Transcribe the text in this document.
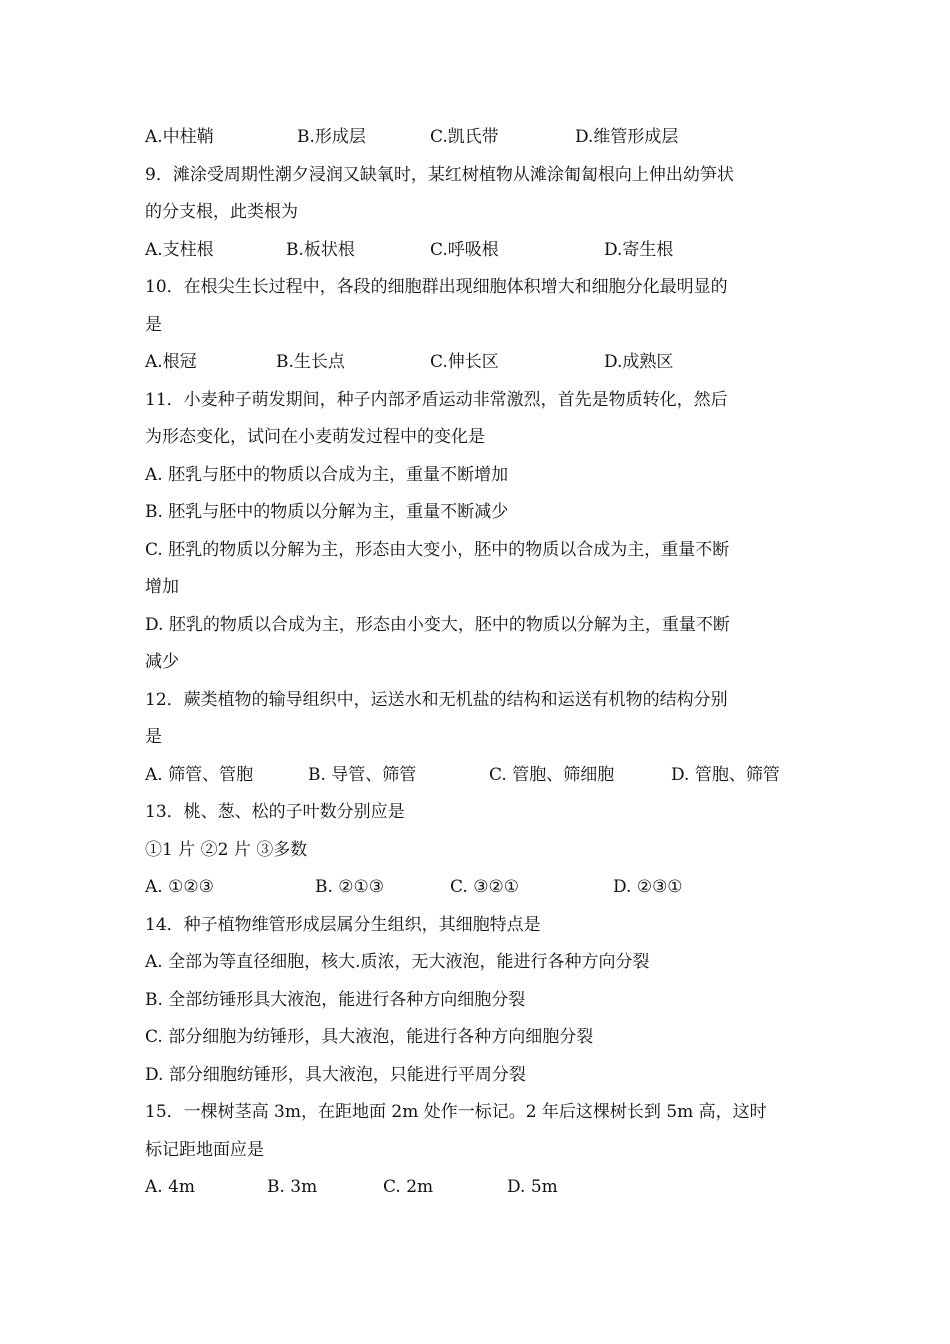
A.中柱鞘	B.形成层	C.凯氏带	D.维管形成层
9．滩涂受周期性潮夕浸润又缺氧时，某红树植物从滩涂匍匐根向上伸出幼笋状
的分支根，此类根为
A.支柱根	B.板状根	C.呼吸根	D.寄生根
10．在根尖生长过程中，各段的细胞群出现细胞体积增大和细胞分化最明显的
是
A.根冠	B.生长点	C.伸长区	D.成熟区
11．小麦种子萌发期间，种子内部矛盾运动非常激烈，首先是物质转化，然后
为形态变化，试问在小麦萌发过程中的变化是
A. 胚乳与胚中的物质以合成为主，重量不断增加
B. 胚乳与胚中的物质以分解为主，重量不断减少
C. 胚乳的物质以分解为主，形态由大变小，胚中的物质以合成为主，重量不断
增加
D. 胚乳的物质以合成为主，形态由小变大，胚中的物质以分解为主，重量不断
减少
12．蕨类植物的输导组织中，运送水和无机盐的结构和运送有机物的结构分别
是
A. 筛管、管胞	B. 导管、筛管	C. 管胞、筛细胞	D. 管胞、筛管
13．桃、葱、松的子叶数分别应是
①1 片 ②2 片 ③多数
A. ①②③	B. ②①③	C. ③②①	D. ②③①
14．种子植物维管形成层属分生组织，其细胞特点是
A. 全部为等直径细胞，核大.质浓，无大液泡，能进行各种方向分裂
B. 全部纺锤形具大液泡，能进行各种方向细胞分裂
C. 部分细胞为纺锤形，具大液泡，能进行各种方向细胞分裂
D. 部分细胞纺锤形，具大液泡，只能进行平周分裂
15．一棵树茎高 3m，在距地面 2m 处作一标记。2 年后这棵树长到 5m 高，这时
标记距地面应是
A. 4m	B. 3m	C. 2m	D. 5m
